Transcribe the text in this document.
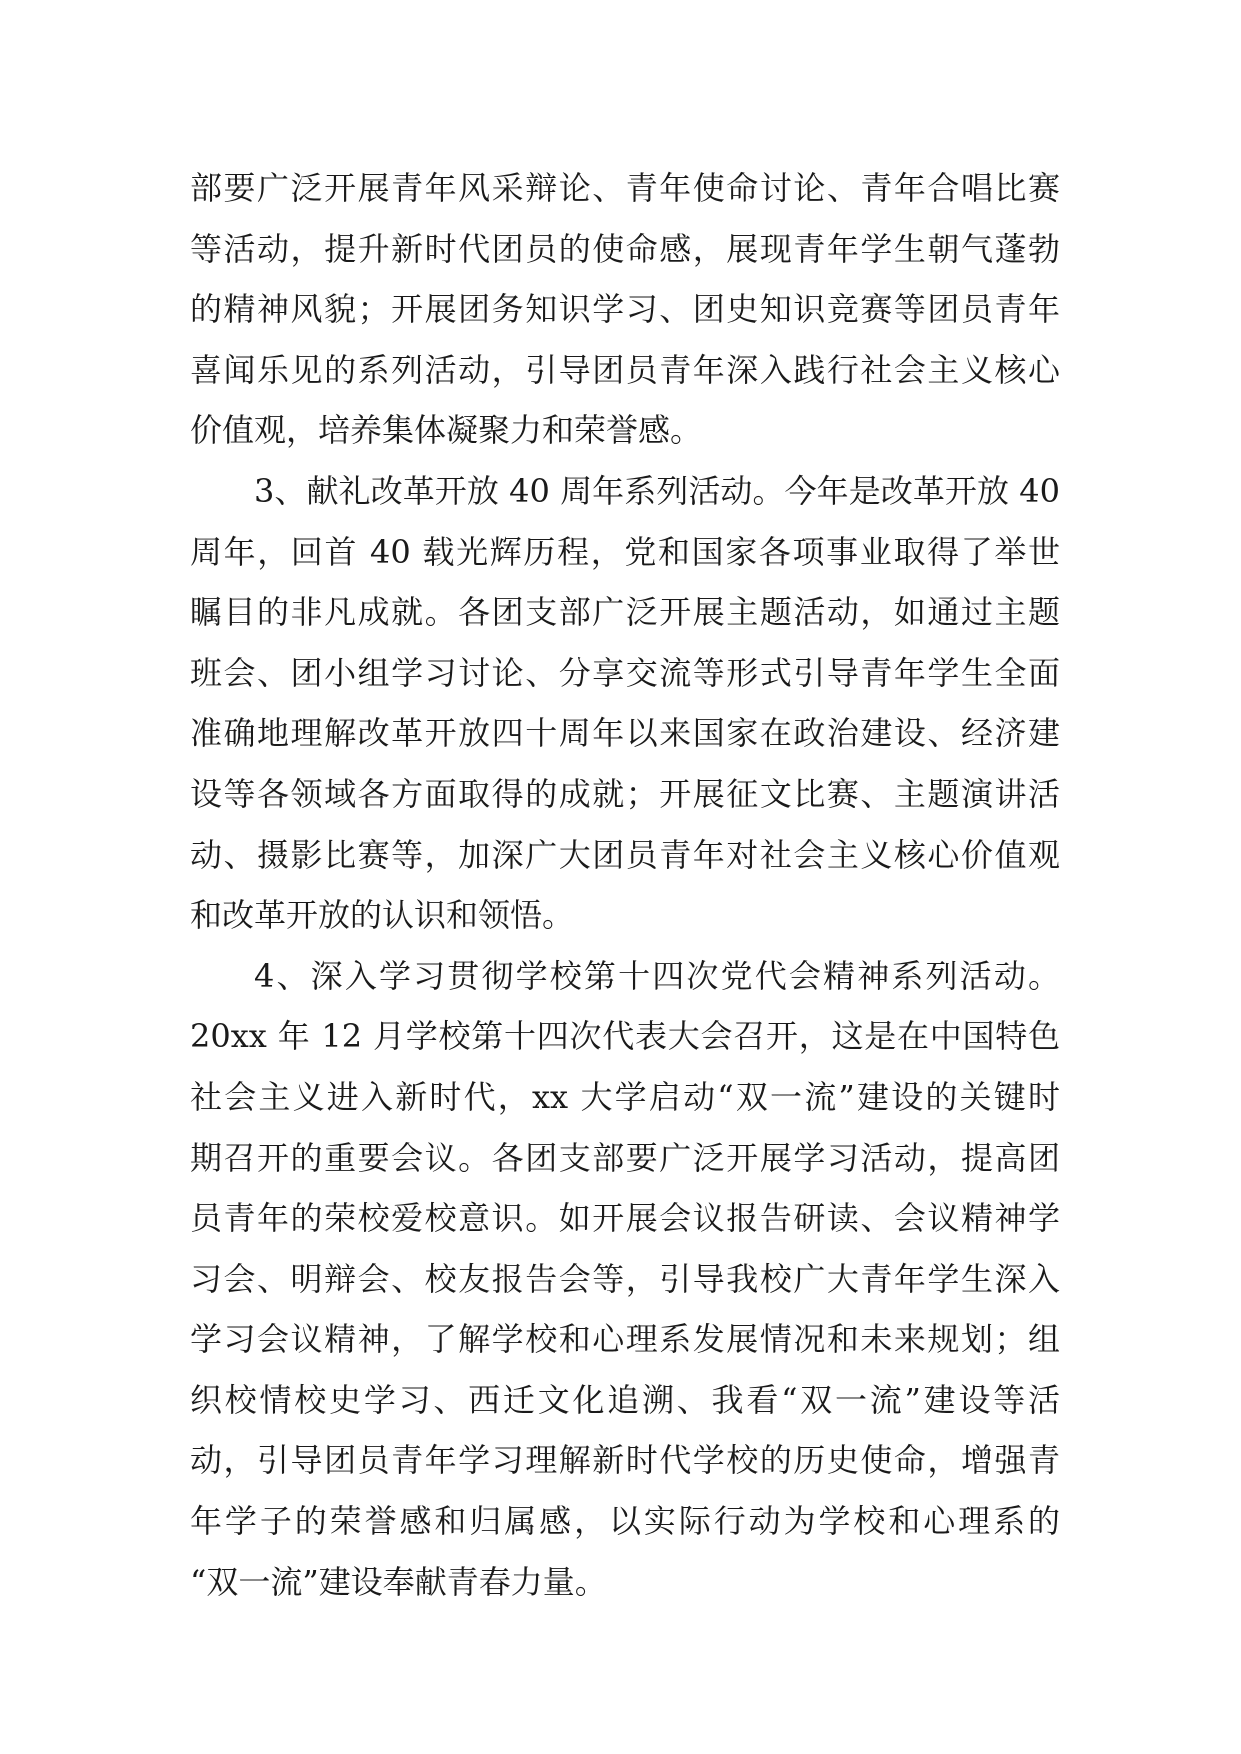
部要广泛开展青年风采辩论、青年使命讨论、青年合唱比赛
等活动，提升新时代团员的使命感，展现青年学生朝气蓬勃
的精神风貌；开展团务知识学习、团史知识竞赛等团员青年
喜闻乐见的系列活动，引导团员青年深入践行社会主义核心
价值观，培养集体凝聚力和荣誉感。
3、献礼改革开放 40 周年系列活动。今年是改革开放 40
周年，回首 40 载光辉历程，党和国家各项事业取得了举世
瞩目的非凡成就。各团支部广泛开展主题活动，如通过主题
班会、团小组学习讨论、分享交流等形式引导青年学生全面
准确地理解改革开放四十周年以来国家在政治建设、经济建
设等各领域各方面取得的成就；开展征文比赛、主题演讲活
动、摄影比赛等，加深广大团员青年对社会主义核心价值观
和改革开放的认识和领悟。
4、深入学习贯彻学校第十四次党代会精神系列活动。
20xx 年 12 月学校第十四次代表大会召开，这是在中国特色
社会主义进入新时代，xx 大学启动“双一流”建设的关键时
期召开的重要会议。各团支部要广泛开展学习活动，提高团
员青年的荣校爱校意识。如开展会议报告研读、会议精神学
习会、明辩会、校友报告会等，引导我校广大青年学生深入
学习会议精神，了解学校和心理系发展情况和未来规划；组
织校情校史学习、西迁文化追溯、我看“双一流”建设等活
动，引导团员青年学习理解新时代学校的历史使命，增强青
年学子的荣誉感和归属感，以实际行动为学校和心理系的
“双一流”建设奉献青春力量。
